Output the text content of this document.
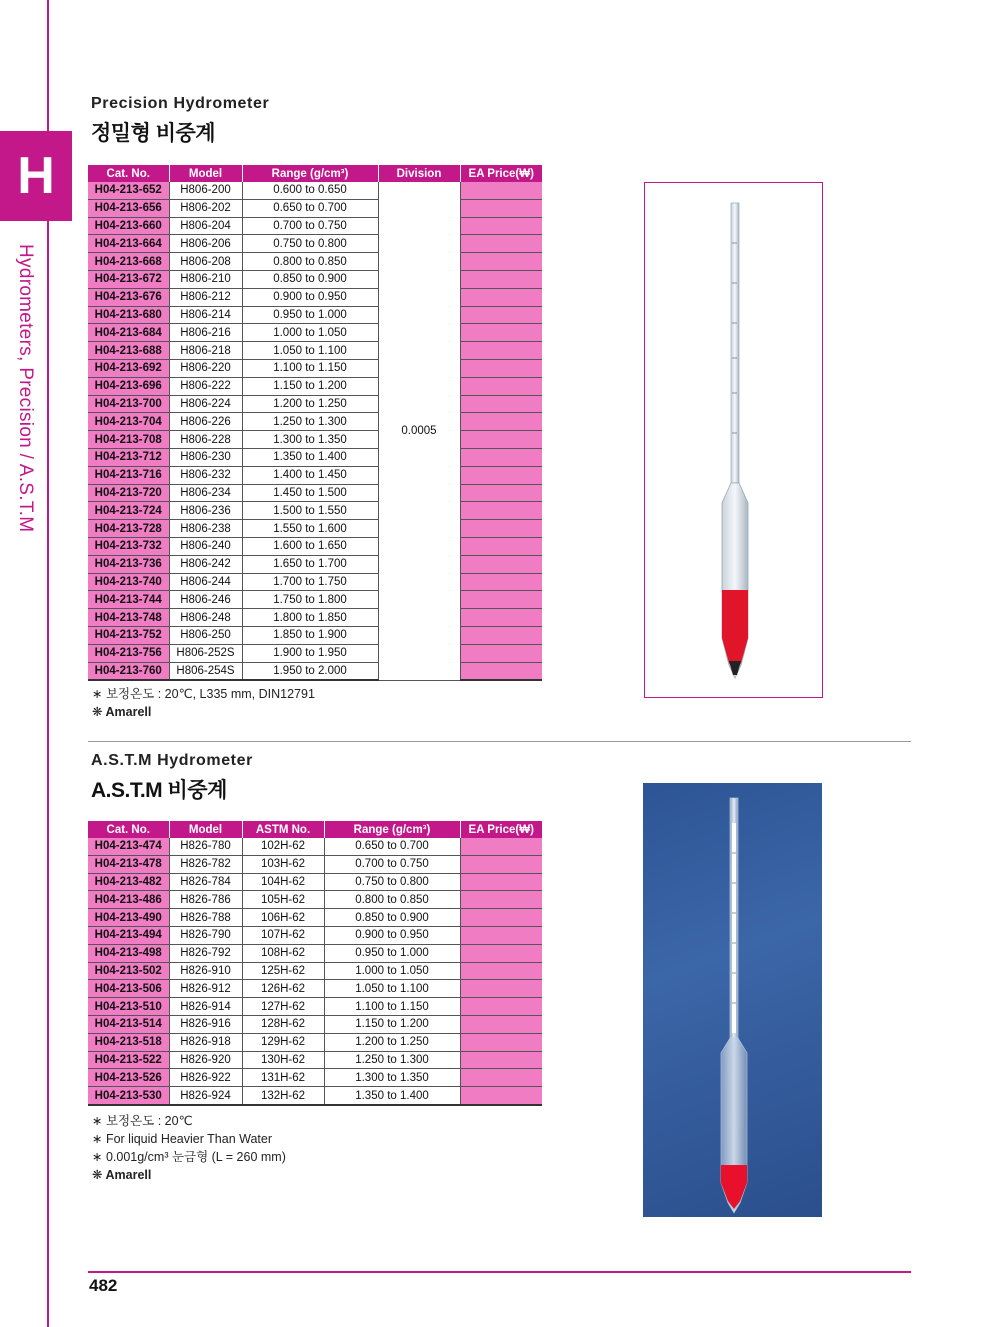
H
Hydrometers, Precision / A.S.T.M
Precision Hydrometer
정밀형 비중계
Cat. No.	Model	Range (g/cm³)	Division	EA Price(₩)
H04-213-652	H806-200	0.600 to 0.650	0.0005	
H04-213-656	H806-202	0.650 to 0.700		
H04-213-660	H806-204	0.700 to 0.750		
H04-213-664	H806-206	0.750 to 0.800		
H04-213-668	H806-208	0.800 to 0.850		
H04-213-672	H806-210	0.850 to 0.900		
H04-213-676	H806-212	0.900 to 0.950		
H04-213-680	H806-214	0.950 to 1.000		
H04-213-684	H806-216	1.000 to 1.050		
H04-213-688	H806-218	1.050 to 1.100		
H04-213-692	H806-220	1.100 to 1.150		
H04-213-696	H806-222	1.150 to 1.200		
H04-213-700	H806-224	1.200 to 1.250		
H04-213-704	H806-226	1.250 to 1.300		
H04-213-708	H806-228	1.300 to 1.350		
H04-213-712	H806-230	1.350 to 1.400		
H04-213-716	H806-232	1.400 to 1.450		
H04-213-720	H806-234	1.450 to 1.500		
H04-213-724	H806-236	1.500 to 1.550		
H04-213-728	H806-238	1.550 to 1.600		
H04-213-732	H806-240	1.600 to 1.650		
H04-213-736	H806-242	1.650 to 1.700		
H04-213-740	H806-244	1.700 to 1.750		
H04-213-744	H806-246	1.750 to 1.800		
H04-213-748	H806-248	1.800 to 1.850		
H04-213-752	H806-250	1.850 to 1.900		
H04-213-756	H806-252S	1.900 to 1.950		
H04-213-760	H806-254S	1.950 to 2.000		
∗ 보정온도 : 20℃, L335 mm, DIN12791
❋ Amarell
A.S.T.M Hydrometer
A.S.T.M 비중계
Cat. No.	Model	ASTM No.	Range (g/cm³)	EA Price(₩)
H04-213-474	H826-780	102H-62	0.650 to 0.700	
H04-213-478	H826-782	103H-62	0.700 to 0.750	
H04-213-482	H826-784	104H-62	0.750 to 0.800	
H04-213-486	H826-786	105H-62	0.800 to 0.850	
H04-213-490	H826-788	106H-62	0.850 to 0.900	
H04-213-494	H826-790	107H-62	0.900 to 0.950	
H04-213-498	H826-792	108H-62	0.950 to 1.000	
H04-213-502	H826-910	125H-62	1.000 to 1.050	
H04-213-506	H826-912	126H-62	1.050 to 1.100	
H04-213-510	H826-914	127H-62	1.100 to 1.150	
H04-213-514	H826-916	128H-62	1.150 to 1.200	
H04-213-518	H826-918	129H-62	1.200 to 1.250	
H04-213-522	H826-920	130H-62	1.250 to 1.300	
H04-213-526	H826-922	131H-62	1.300 to 1.350	
H04-213-530	H826-924	132H-62	1.350 to 1.400	
∗ 보정온도 : 20℃
∗ For liquid Heavier Than Water
∗ 0.001g/cm³ 눈금형 (L = 260 mm)
❋ Amarell
482
